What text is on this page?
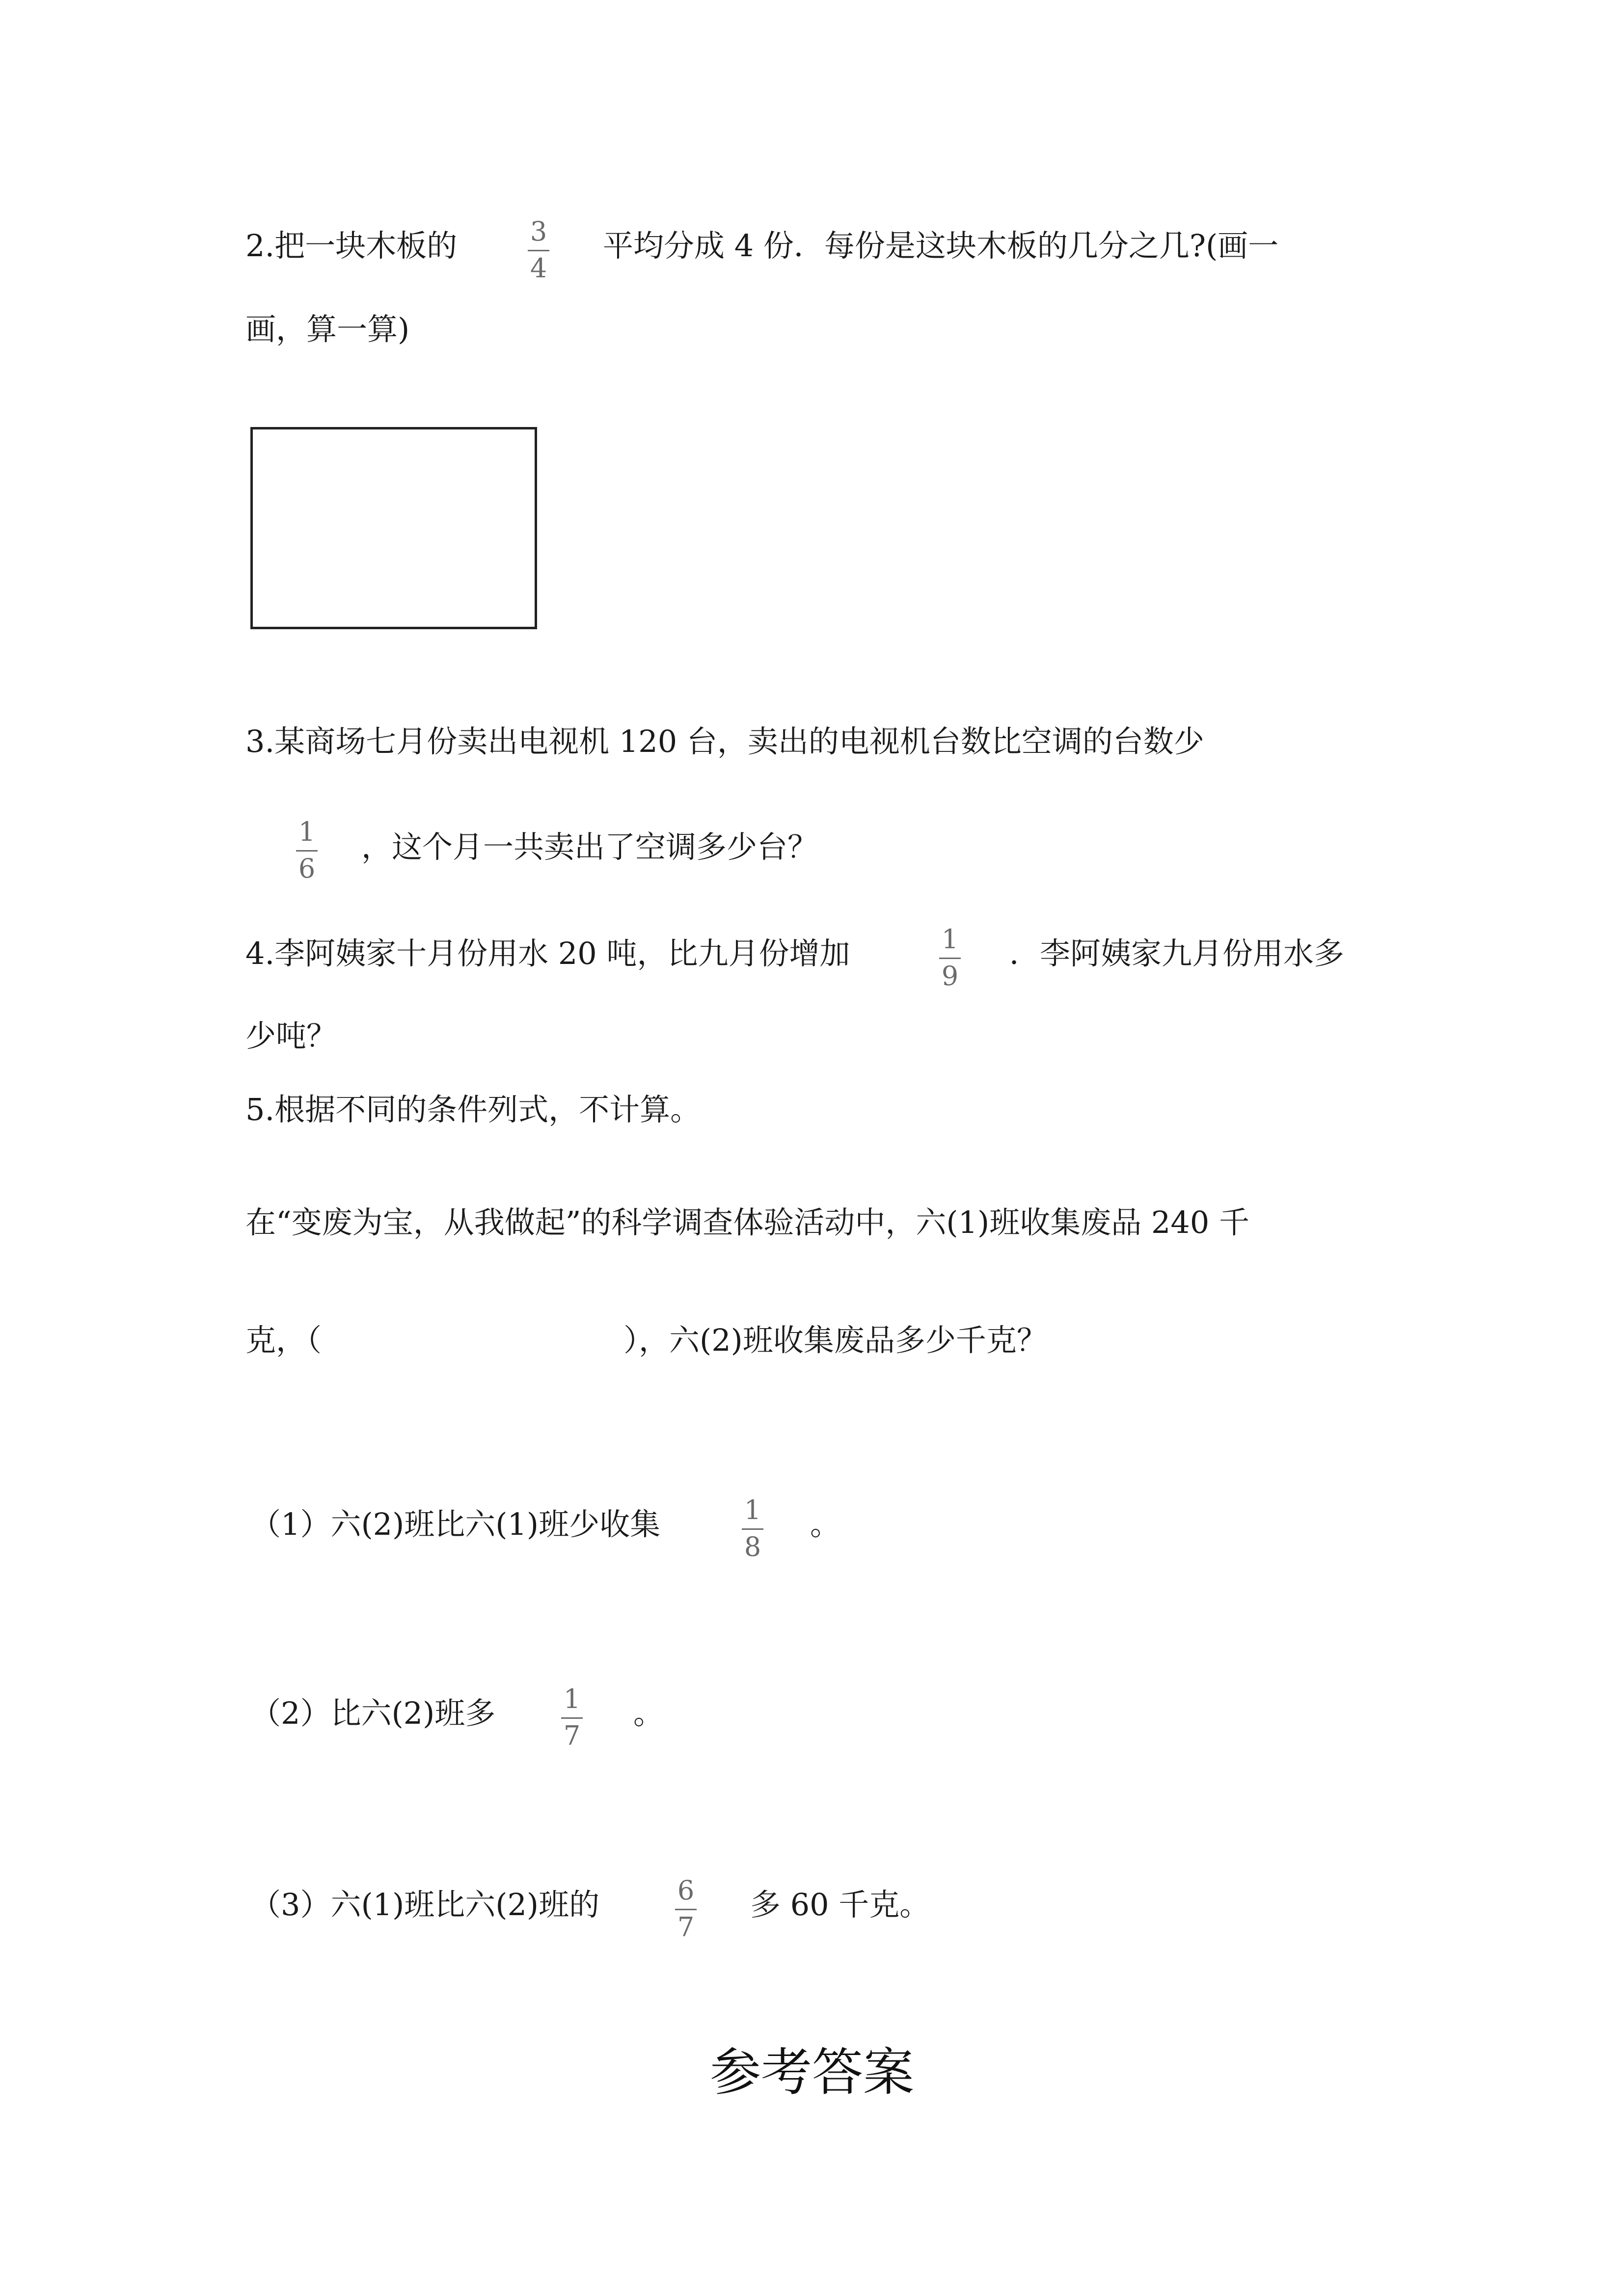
2.把一块木板的	3
4
平均分成 4 份．每份是这块木板的几分之几?(画一
画，算一算)
3.某商场七月份卖出电视机 120 台，卖出的电视机台数比空调的台数少
1
6
，这个月一共卖出了空调多少台？
4.李阿姨家十月份用水 20 吨，比九月份增加	1
9
．李阿姨家九月份用水多
少吨？
5.根据不同的条件列式，不计算。
在“变废为宝，从我做起”的科学调查体验活动中，六(1)班收集废品 240 千
克，（	），六(2)班收集废品多少千克？
（1）六(2)班比六(1)班少收集	1
8
。
（2）比六(2)班多	1
7
。
（3）六(1)班比六(2)班的	6
7
多 60 千克。
参考答案
